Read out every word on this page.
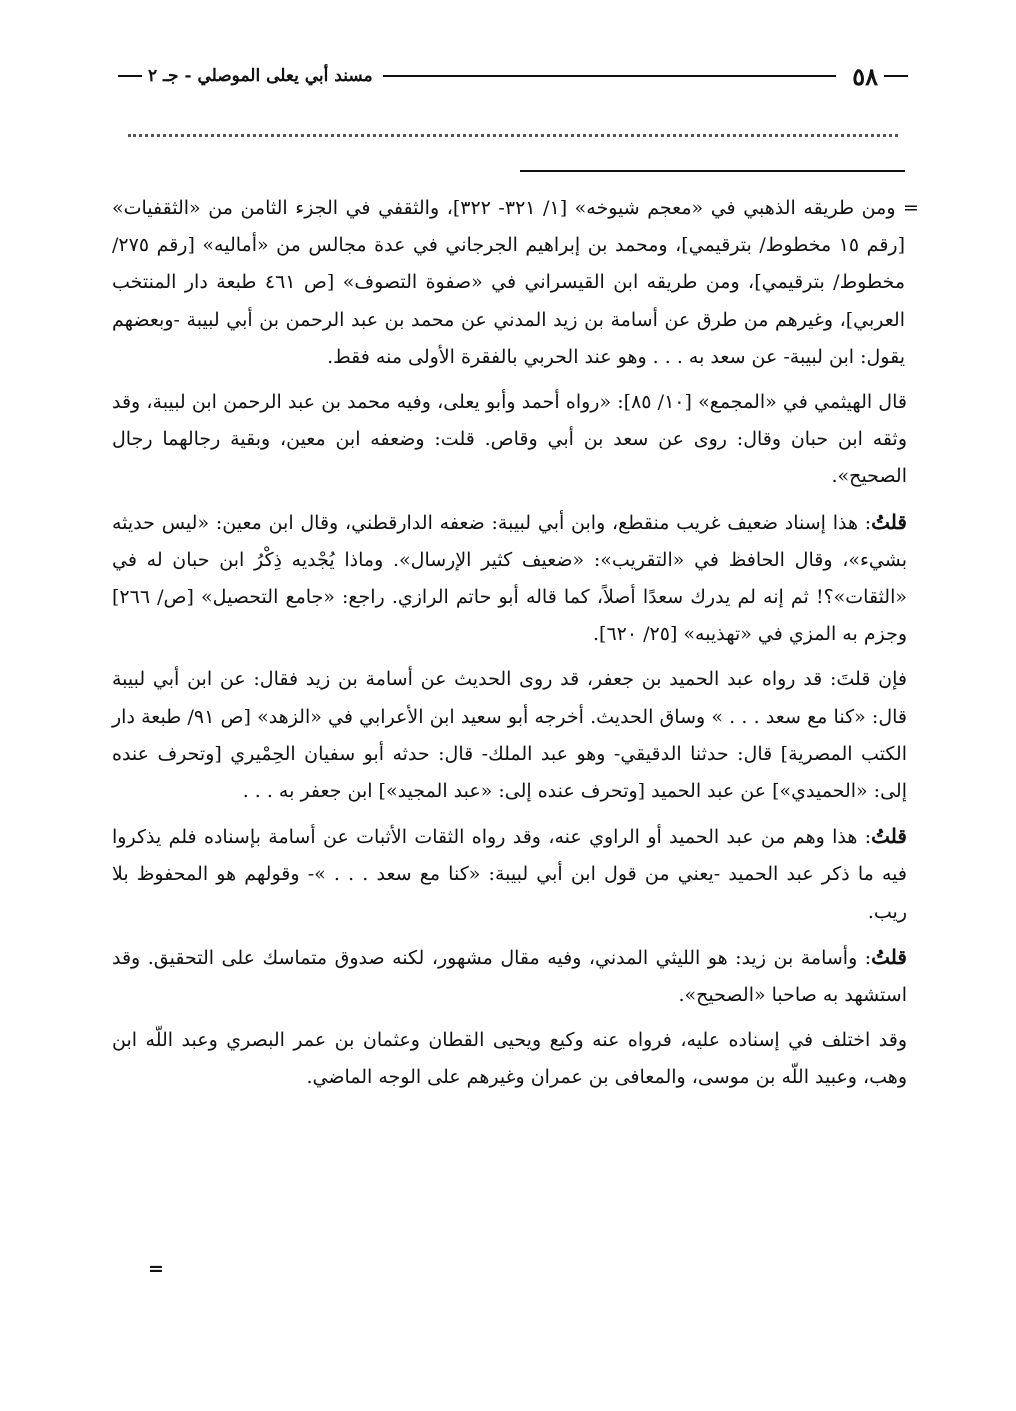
٥٨
مسند أبي يعلى الموصلي - جـ ٢

= ومن طريقه الذهبي في «معجم شيوخه» [١/ ٣٢١- ٣٢٢]، والثقفي في الجزء الثامن من «الثقفيات» [رقم ١٥ مخطوط/ بترقيمي]، ومحمد بن إبراهيم الجرجاني في عدة مجالس من «أماليه» [رقم ٢٧٥/ مخطوط/ بترقيمي]، ومن طريقه ابن القيسراني في «صفوة التصوف» [ص ٤٦١ طبعة دار المنتخب العربي]، وغيرهم من طرق عن أسامة بن زيد المدني عن محمد بن عبد الرحمن بن أبي لبيبة -وبعضهم يقول: ابن لبيبة- عن سعد به . . . وهو عند الحربي بالفقرة الأولى منه فقط.

قال الهيثمي في «المجمع» [١٠/ ٨٥]: «رواه أحمد وأبو يعلى، وفيه محمد بن عبد الرحمن ابن لبيبة، وقد وثقه ابن حبان وقال: روى عن سعد بن أبي وقاص. قلت: وضعفه ابن معين، وبقية رجالهما رجال الصحيح».

قلتُ: هذا إسناد ضعيف غريب منقطع، وابن أبي لبيبة: ضعفه الدارقطني، وقال ابن معين: «ليس حديثه بشيء»، وقال الحافظ في «التقريب»: «ضعيف كثير الإرسال». وماذا يُجْديه ذِكْرُ ابن حبان له في «الثقات»؟! ثم إنه لم يدرك سعدًا أصلاً، كما قاله أبو حاتم الرازي. راجع: «جامع التحصيل» [ص/ ٢٦٦] وجزم به المزي في «تهذيبه» [٢٥/ ٦٢٠].

فإن قلتَ: قد رواه عبد الحميد بن جعفر، قد روى الحديث عن أسامة بن زيد فقال: عن ابن أبي لبيبة قال: «كنا مع سعد . . . » وساق الحديث. أخرجه أبو سعيد ابن الأعرابي في «الزهد» [ص ٩١/ طبعة دار الكتب المصرية] قال: حدثنا الدقيقي- وهو عبد الملك- قال: حدثه أبو سفيان الحِمْيري [وتحرف عنده إلى: «الحميدي»] عن عبد الحميد [وتحرف عنده إلى: «عبد المجيد»] ابن جعفر به . . .

قلتُ: هذا وهم من عبد الحميد أو الراوي عنه، وقد رواه الثقات الأثبات عن أسامة بإسناده فلم يذكروا فيه ما ذكر عبد الحميد -يعني من قول ابن أبي لبيبة: «كنا مع سعد . . . »- وقولهم هو المحفوظ بلا ريب.

قلتُ: وأسامة بن زيد: هو الليثي المدني، وفيه مقال مشهور، لكنه صدوق متماسك على التحقيق. وقد استشهد به صاحبا «الصحيح».

وقد اختلف في إسناده عليه، فرواه عنه وكيع ويحيى القطان وعثمان بن عمر البصري وعبد اللّه ابن وهب، وعبيد اللّه بن موسى، والمعافى بن عمران وغيرهم على الوجه الماضي.

=
